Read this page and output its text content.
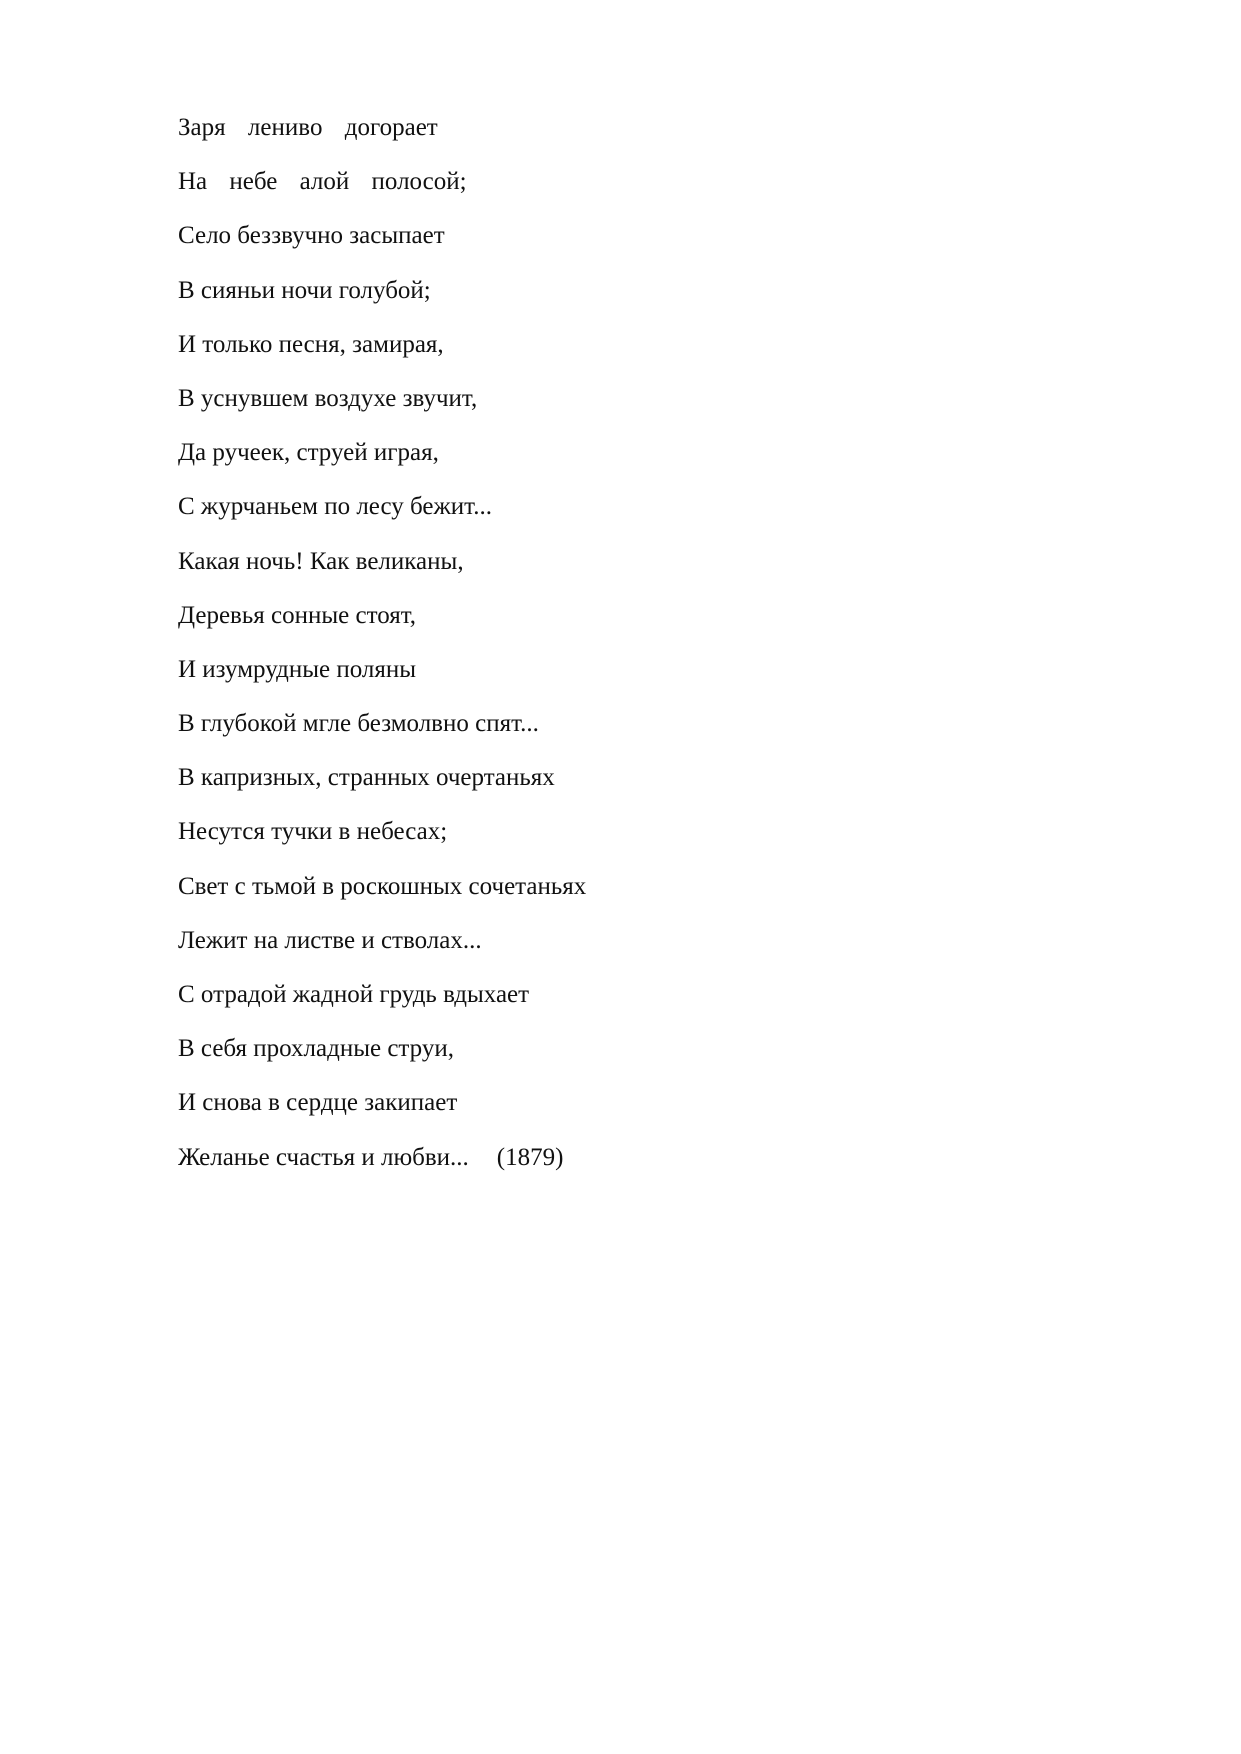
Заря ленивo догорает
На небе алой полосой;
Село беззвучно засыпает
В сияньи ночи голубой;
И только песня, замирая,
В уснувшем воздухе звучит,
Да ручеек, струей играя,
С журчаньем по лесу бежит...
Какая ночь! Как великаны,
Деревья сонные стоят,
И изумрудные поляны
В глубокой мгле безмолвно спят...
В капризных, странных очертаньях
Несутся тучки в небесах;
Свет с тьмой в роскошных сочетаньях
Лежит на листве и стволах...
С отрадой жадной грудь вдыхает
В себя прохладные струи,
И снова в сердце закипает
Желанье счастья и любви... (1879)
